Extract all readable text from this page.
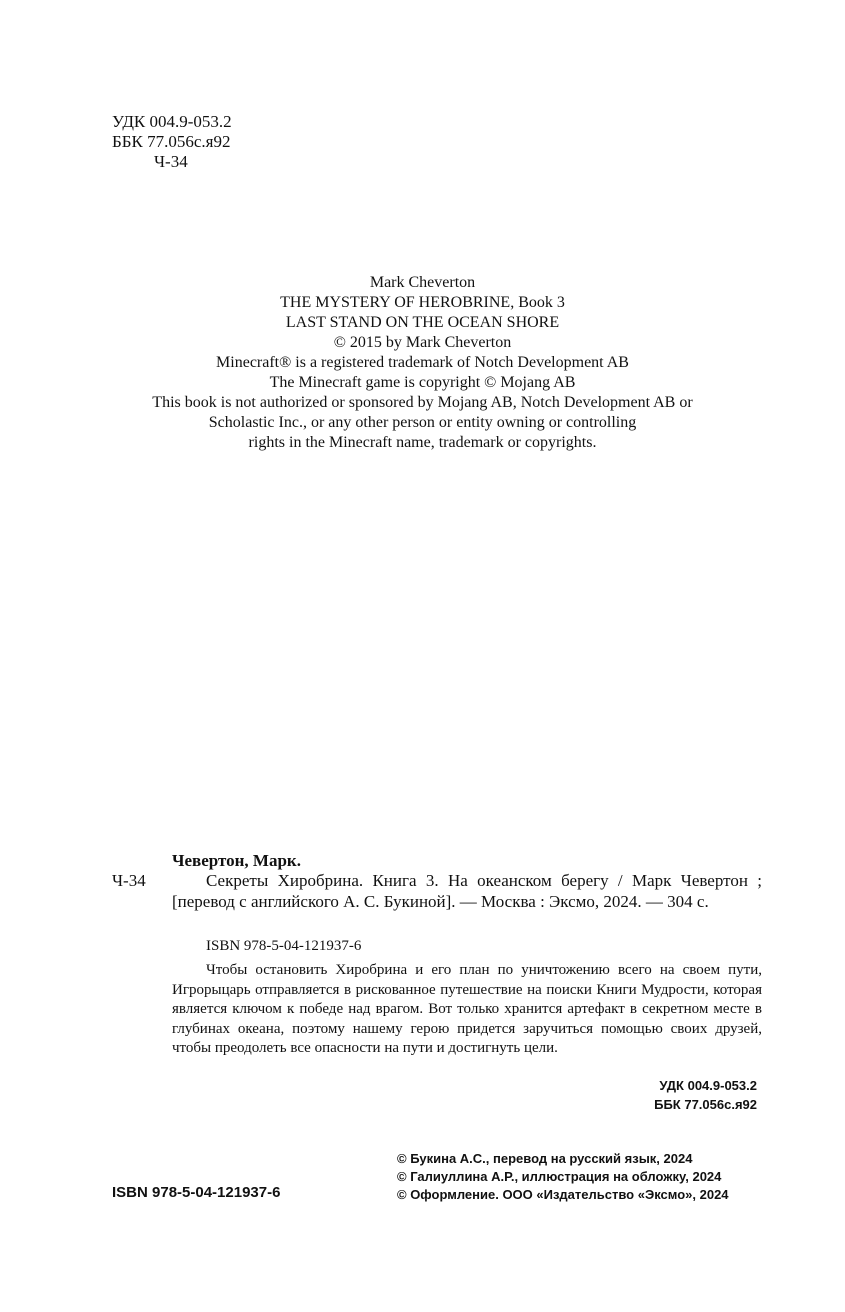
УДК 004.9-053.2
ББК 77.056с.я92
Ч-34
Mark Cheverton
THE MYSTERY OF HEROBRINE, Book 3
LAST STAND ON THE OCEAN SHORE
© 2015 by Mark Cheverton
Minecraft® is a registered trademark of Notch Development AB
The Minecraft game is copyright © Mojang AB
This book is not authorized or sponsored by Mojang AB, Notch Development AB or
Scholastic Inc., or any other person or entity owning or controlling
rights in the Minecraft name, trademark or copyrights.
Чевертон, Марк.
Ч-34	Секреты Хиробрина. Книга 3. На океанском берегу / Марк Чевертон ; [перевод с английского А. С. Букиной]. — Москва : Эксмо, 2024. — 304 с.
ISBN 978-5-04-121937-6
Чтобы остановить Хиробрина и его план по уничтожению всего на своем пути, Игрорыцарь отправляется в рискованное путешествие на поиски Книги Мудрости, которая является ключом к победе над врагом. Вот только хранится артефакт в секретном месте в глубинах океана, поэтому нашему герою придется заручиться помощью своих друзей, чтобы преодолеть все опасности на пути и достигнуть цели.
УДК 004.9-053.2
ББК 77.056с.я92
ISBN 978-5-04-121937-6
© Букина А.С., перевод на русский язык, 2024
© Галиуллина А.Р., иллюстрация на обложку, 2024
© Оформление. ООО «Издательство «Эксмо», 2024
